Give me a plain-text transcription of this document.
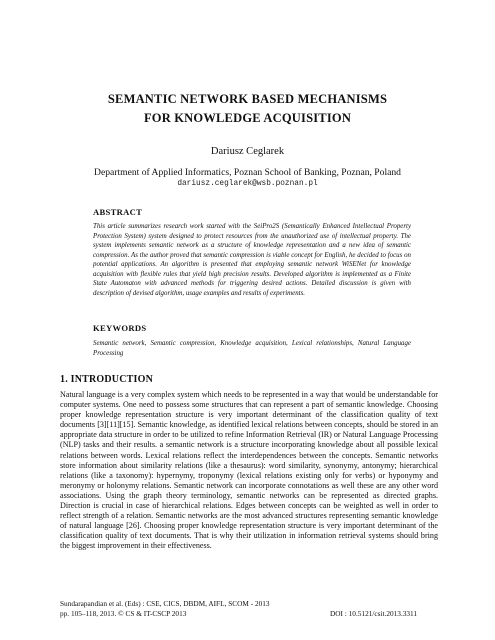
SEMANTIC NETWORK BASED MECHANISMS
FOR KNOWLEDGE ACQUISITION
Dariusz Ceglarek
Department of Applied Informatics, Poznan School of Banking, Poznan, Poland
dariusz.ceglarek@wsb.poznan.pl
ABSTRACT
This article summarizes research work started with the SeiPro2S (Semantically Enhanced Intellectual Property Protection System) system designed to protect resources from the unauthorized use of intellectual property. The system implements semantic network as a structure of knowledge representation and a new idea of semantic compression. As the author proved that semantic compression is viable concept for English, he decided to focus on potential applications. An algorithm is presented that employing semantic network WiSENet for knowledge acquisition with flexible rules that yield high precision results. Developed algorithm is implemented as a Finite State Automaton with advanced methods for triggering desired actions. Detailed discussion is given with description of devised algorithm, usage examples and results of experiments.
KEYWORDS
Semantic network, Semantic compression, Knowledge acquisition, Lexical relationships, Natural Language Processing
1. INTRODUCTION
Natural language is a very complex system which needs to be represented in a way that would be understandable for computer systems. One need to possess some structures that can represent a part of semantic knowledge. Choosing proper knowledge representation structure is very important determinant of the classification quality of text documents [3][11][15]. Semantic knowledge, as identified lexical relations between concepts, should be stored in an appropriate data structure in order to be utilized to refine Information Retrieval (IR) or Natural Language Processing (NLP) tasks and their results. a semantic network is a structure incorporating knowledge about all possible lexical relations between words. Lexical relations reflect the interdependences between the concepts. Semantic networks store information about similarity relations (like a thesaurus): word similarity, synonymy, antonymy; hierarchical relations (like a taxonomy): hypernymy, troponymy (lexical relations existing only for verbs) or hyponymy and meronymy or holonymy relations. Semantic network can incorporate connotations as well these are any other word associations. Using the graph theory terminology, semantic networks can be represented as directed graphs. Direction is crucial in case of hierarchical relations. Edges between concepts can be weighted as well in order to reflect strength of a relation. Semantic networks are the most advanced structures representing semantic knowledge of natural language [26]. Choosing proper knowledge representation structure is very important determinant of the classification quality of text documents. That is why their utilization in information retrieval systems should bring the biggest improvement in their effectiveness.
Sundarapandian et al. (Eds) : CSE, CICS, DBDM, AIFL, SCOM - 2013
pp. 105–118, 2013. © CS & IT-CSCP 2013	DOI : 10.5121/csit.2013.3311
